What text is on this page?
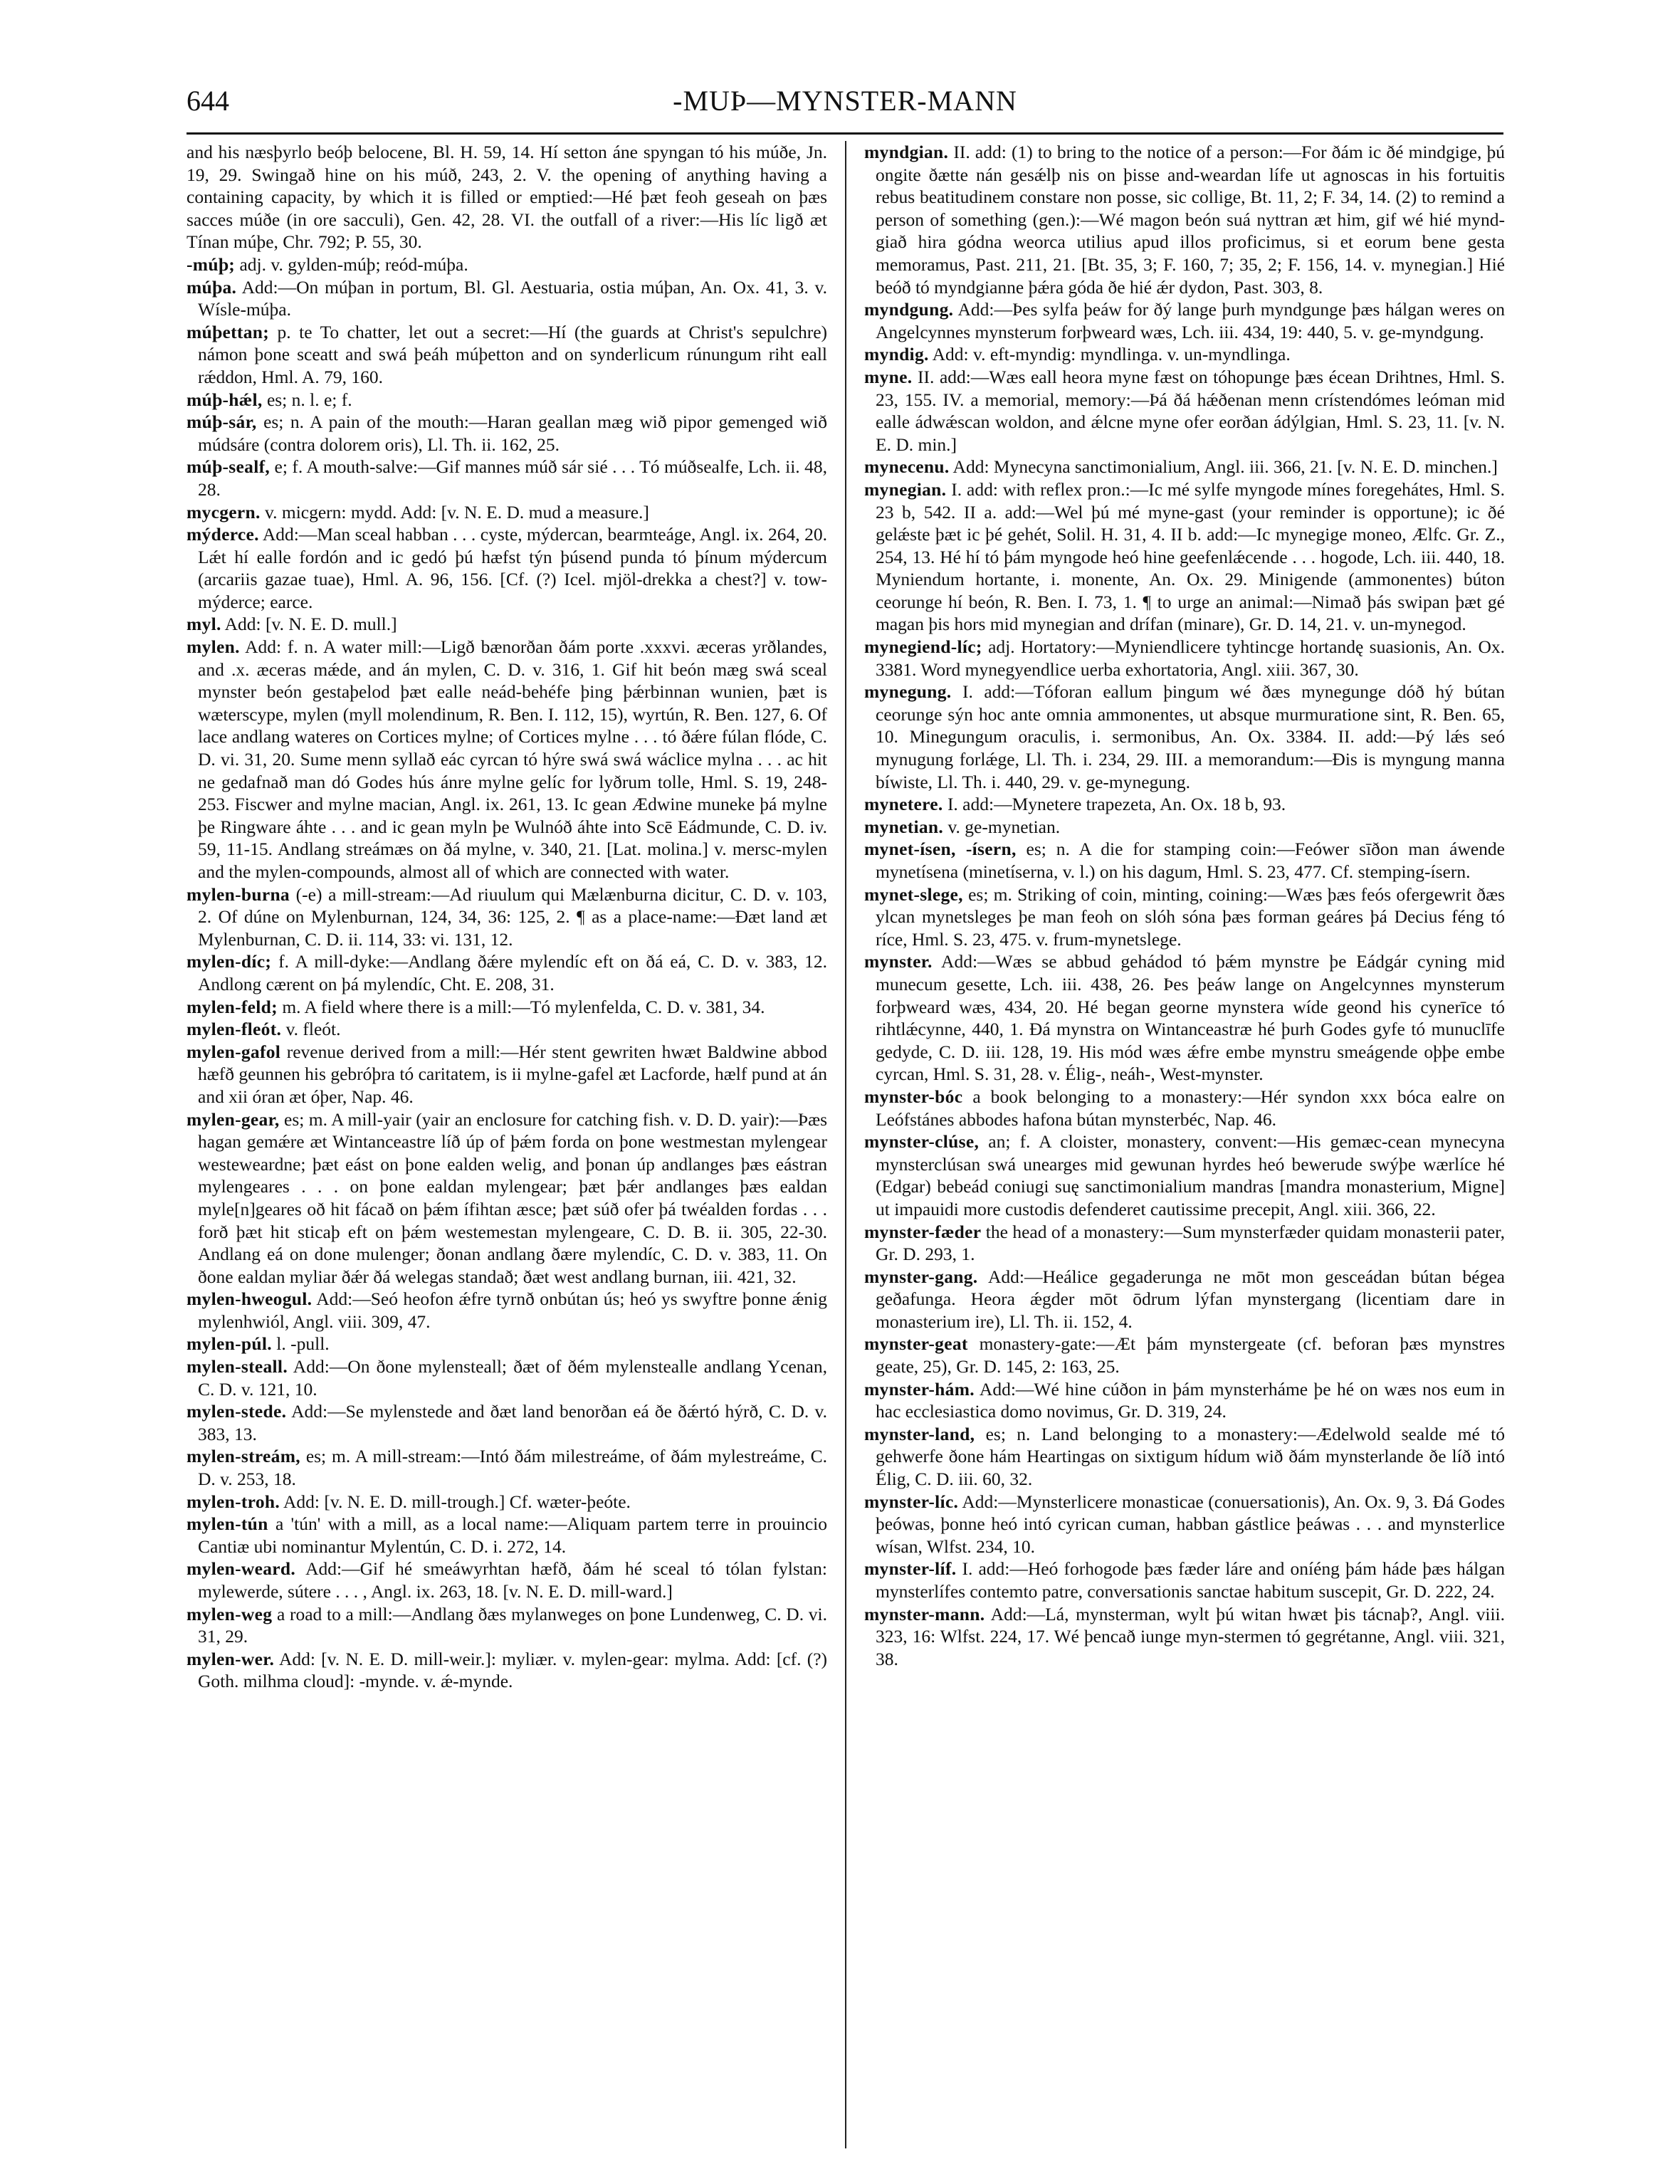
644	-MUÞ—MYNSTER-MANN

and his næsþyrlo beóþ belocene, Bl. H. 59, 14. Hí setton áne spyngan tó his múðe, Jn. 19, 29. Swingað hine on his múð, 243, 2. V. the opening of anything having a containing capacity, by which it is filled or emptied:—Hé þæt feoh geseah on þæs sacces múðe (in ore sacculi), Gen. 42, 28. VI. the outfall of a river:—His líc ligð æt Tínan múþe, Chr. 792; P. 55, 30.

-múþ; adj. v. gylden-múþ; reód-múþa.

múþa. Add:—On múþan in portum, Bl. Gl. Aestuaria, ostia múþan, An. Ox. 41, 3. v. Wísle-múþa.

múþettan; p. te To chatter, let out a secret:—Hí (the guards at Christ's sepulchre) námon þone sceatt and swá þeáh múþetton and on synderlicum rúnungum riht eall rǽddon, Hml. A. 79, 160.

múþ-hǽl, es; n. l. e; f.

múþ-sár, es; n. A pain of the mouth:—Haran geallan mæg wið pipor gemenged wið múdsáre (contra dolorem oris), Ll. Th. ii. 162, 25.

múþ-sealf, e; f. A mouth-salve:—Gif mannes múð sár sié . . . Tó múðsealfe, Lch. ii. 48, 28.

mycgern. v. micgern: mydd. Add: [v. N. E. D. mud a measure.]

mýderce. Add:—Man sceal habban . . . cyste, mýdercan, bearmteáge, Angl. ix. 264, 20. Lǽt hí ealle fordón and ic gedó þú hæfst týn þúsend punda tó þínum mýdercum (arcariis gazae tuae), Hml. A. 96, 156. [Cf. (?) Icel. mjöl-drekka a chest?] v. tow-mýderce; earce.

myl. Add: [v. N. E. D. mull.]

mylen. Add: f. n. A water mill:—Ligð bænorðan ðám porte .xxxvi. æceras yrðlandes, and .x. æceras mǽde, and án mylen, C. D. v. 316, 1. Gif hit beón mæg swá sceal mynster beón gestaþelod þæt ealle neád-behéfe þing þǽrbinnan wunien, þæt is wæterscype, mylen (myll molendinum, R. Ben. I. 112, 15), wyrtún, R. Ben. 127, 6. Of lace andlang wateres on Cortices mylne; of Cortices mylne . . . tó ðǽre fúlan flóde, C. D. vi. 31, 20. Sume menn syllað eác cyrcan tó hýre swá swá wáclice mylna . . . ac hit ne gedafnað man dó Godes hús ánre mylne gelíc for lyðrum tolle, Hml. S. 19, 248-253. Fiscwer and mylne macian, Angl. ix. 261, 13. Ic gean Ædwine muneke þá mylne þe Ringware áhte . . . and ic gean myln þe Wulnóð áhte into Scē Eádmunde, C. D. iv. 59, 11-15. Andlang streámæs on ðá mylne, v. 340, 21. [Lat. molina.] v. mersc-mylen and the mylen-compounds, almost all of which are connected with water.

mylen-burna (-e) a mill-stream:—Ad riuulum qui Mælænburna dicitur, C. D. v. 103, 2. Of dúne on Mylenburnan, 124, 34, 36: 125, 2. ¶ as a place-name:—Ðæt land æt Mylenburnan, C. D. ii. 114, 33: vi. 131, 12.

mylen-díc; f. A mill-dyke:—Andlang ðǽre mylendíc eft on ðá eá, C. D. v. 383, 12. Andlong cærent on þá mylendíc, Cht. E. 208, 31.

mylen-feld; m. A field where there is a mill:—Tó mylenfelda, C. D. v. 381, 34.

mylen-fleót. v. fleót.

mylen-gafol revenue derived from a mill:—Hér stent gewriten hwæt Baldwine abbod hæfð geunnen his gebróþra tó caritatem, is ii mylne-gafel æt Lacforde, hælf pund at án and xii óran æt óþer, Nap. 46.

mylen-gear, es; m. A mill-yair (yair an enclosure for catching fish. v. D. D. yair):—Þæs hagan gemǽre æt Wintanceastre líð úp of þǽm forda on þone westmestan mylengear westeweardne; þæt eást on þone ealden welig, and þonan úp andlanges þæs eástran mylengeares . . . on þone ealdan mylengear; þæt þǽr andlanges þæs ealdan myle[n]geares oð hit fácað on þǽm ífihtan æsce; þæt súð ofer þá twéalden fordas . . . forð þæt hit sticaþ eft on þǽm westemestan mylengeare, C. D. B. ii. 305, 22-30. Andlang eá on done mulenger; ðonan andlang ðære mylendíc, C. D. v. 383, 11. On ðone ealdan myliar ðǽr ðá welegas standað; ðæt west andlang burnan, iii. 421, 32.

mylen-hweogul. Add:—Seó heofon ǽfre tyrnð onbútan ús; heó ys swyftre þonne ǽnig mylenhwiól, Angl. viii. 309, 47.

mylen-púl. l. -pull.

mylen-steall. Add:—On ðone mylensteall; ðæt of ðém mylenstealle andlang Ycenan, C. D. v. 121, 10.

mylen-stede. Add:—Se mylenstede and ðæt land benorðan eá ðe ðǽrtó hýrð, C. D. v. 383, 13.

mylen-streám, es; m. A mill-stream:—Intó ðám milestreáme, of ðám mylestreáme, C. D. v. 253, 18.

mylen-troh. Add: [v. N. E. D. mill-trough.] Cf. wæter-þeóte.

mylen-tún a 'tún' with a mill, as a local name:—Aliquam partem terre in prouincio Cantiæ ubi nominantur Mylentún, C. D. i. 272, 14.

mylen-weard. Add:—Gif hé smeáwyrhtan hæfð, ðám hé sceal tó tólan fylstan: mylewerde, sútere . . . , Angl. ix. 263, 18. [v. N. E. D. mill-ward.]

mylen-weg a road to a mill:—Andlang ðæs mylanweges on þone Lundenweg, C. D. vi. 31, 29.

mylen-wer. Add: [v. N. E. D. mill-weir.]: myliær. v. mylen-gear: mylma. Add: [cf. (?) Goth. milhma cloud]: -mynde. v. ǽ-mynde.

myndgian. II. add: (1) to bring to the notice of a person:—For ðám ic ðé mindgige, þú ongite ðætte nán gesǽlþ nis on þisse and-weardan lífe ut agnoscas in his fortuitis rebus beatitudinem constare non posse, sic collige, Bt. 11, 2; F. 34, 14. (2) to remind a person of something (gen.):—Wé magon beón suá nyttran æt him, gif wé hié mynd-giað hira gódna weorca utilius apud illos proficimus, si et eorum bene gesta memoramus, Past. 211, 21. [Bt. 35, 3; F. 160, 7; 35, 2; F. 156, 14. v. mynegian.] Hié beóð tó myndgianne þǽra góda ðe hié ǽr dydon, Past. 303, 8.

myndgung. Add:—Þes sylfa þeáw for ðý lange þurh myndgunge þæs hálgan weres on Angelcynnes mynsterum forþweard wæs, Lch. iii. 434, 19: 440, 5. v. ge-myndgung.

myndig. Add: v. eft-myndig: myndlinga. v. un-myndlinga.

myne. II. add:—Wæs eall heora myne fæst on tóhopunge þæs écean Drihtnes, Hml. S. 23, 155. IV. a memorial, memory:—Þá ðá hǽðenan menn crístendómes leóman mid ealle ádwǽscan woldon, and ǽlcne myne ofer eorðan ádýlgian, Hml. S. 23, 11. [v. N. E. D. min.]

mynecenu. Add: Mynecyna sanctimonialium, Angl. iii. 366, 21. [v. N. E. D. minchen.]

mynegian. I. add: with reflex pron.:—Ic mé sylfe myngode mínes foregehátes, Hml. S. 23 b, 542. II a. add:—Wel þú mé myne-gast (your reminder is opportune); ic ðé gelǽste þæt ic þé gehét, Solil. H. 31, 4. II b. add:—Ic mynegige moneo, Ælfc. Gr. Z., 254, 13. Hé hí tó þám myngode heó hine geefenlǽcende . . . hogode, Lch. iii. 440, 18. Myniendum hortante, i. monente, An. Ox. 29. Minigende (ammonentes) búton ceorunge hí beón, R. Ben. I. 73, 1. ¶ to urge an animal:—Nimað þás swipan þæt gé magan þis hors mid mynegian and drífan (minare), Gr. D. 14, 21. v. un-mynegod.

mynegiend-líc; adj. Hortatory:—Myniendlicere tyhtincge hortandę suasionis, An. Ox. 3381. Word mynegyendlice uerba exhortatoria, Angl. xiii. 367, 30.

mynegung. I. add:—Tóforan eallum þingum wé ðæs mynegunge dóð hý bútan ceorunge sýn hoc ante omnia ammonentes, ut absque murmuratione sint, R. Ben. 65, 10. Minegungum oraculis, i. sermonibus, An. Ox. 3384. II. add:—Þý lǽs seó mynugung forlǽge, Ll. Th. i. 234, 29. III. a memorandum:—Ðis is myngung manna bíwiste, Ll. Th. i. 440, 29. v. ge-mynegung.

mynetere. I. add:—Mynetere trapezeta, An. Ox. 18 b, 93.

mynetian. v. ge-mynetian.

mynet-ísen, -ísern, es; n. A die for stamping coin:—Feówer sīðon man áwende mynetísena (minetíserna, v. l.) on his dagum, Hml. S. 23, 477. Cf. stemping-ísern.

mynet-slege, es; m. Striking of coin, minting, coining:—Wæs þæs feós ofergewrit ðæs ylcan mynetsleges þe man feoh on slóh sóna þæs forman geáres þá Decius féng tó ríce, Hml. S. 23, 475. v. frum-mynetslege.

mynster. Add:—Wæs se abbud gehádod tó þǽm mynstre þe Eádgár cyning mid munecum gesette, Lch. iii. 438, 26. Þes þeáw lange on Angelcynnes mynsterum forþweard wæs, 434, 20. Hé began georne mynstera wíde geond his cynerīce tó rihtlǽcynne, 440, 1. Ðá mynstra on Wintanceastræ hé þurh Godes gyfe tó munuclīfe gedyde, C. D. iii. 128, 19. His mód wæs ǽfre embe mynstru smeágende oþþe embe cyrcan, Hml. S. 31, 28. v. Élig-, neáh-, West-mynster.

mynster-bóc a book belonging to a monastery:—Hér syndon xxx bóca ealre on Leófstánes abbodes hafona bútan mynsterbéc, Nap. 46.

mynster-clúse, an; f. A cloister, monastery, convent:—His gemæc-cean mynecyna mynsterclúsan swá unearges mid gewunan hyrdes heó bewerude swýþe wærlíce hé (Edgar) bebeád coniugi suę sanctimonialium mandras [mandra monasterium, Migne] ut impauidi more custodis defenderet cautissime precepit, Angl. xiii. 366, 22.

mynster-fæder the head of a monastery:—Sum mynsterfæder quidam monasterii pater, Gr. D. 293, 1.

mynster-gang. Add:—Heálice gegaderunga ne mōt mon gesceádan bútan bégea geðafunga. Heora ǽgder mōt ōdrum lýfan mynstergang (licentiam dare in monasterium ire), Ll. Th. ii. 152, 4.

mynster-geat monastery-gate:—Æt þám mynstergeate (cf. beforan þæs mynstres geate, 25), Gr. D. 145, 2: 163, 25.

mynster-hám. Add:—Wé hine cúðon in þám mynsterháme þe hé on wæs nos eum in hac ecclesiastica domo novimus, Gr. D. 319, 24.

mynster-land, es; n. Land belonging to a monastery:—Ædelwold sealde mé tó gehwerfe ðone hám Heartingas on sixtigum hídum wið ðám mynsterlande ðe líð intó Élig, C. D. iii. 60, 32.

mynster-líc. Add:—Mynsterlicere monasticae (conuersationis), An. Ox. 9, 3. Ðá Godes þeówas, þonne heó intó cyrican cuman, habban gástlice þeáwas . . . and mynsterlice wísan, Wlfst. 234, 10.

mynster-líf. I. add:—Heó forhogode þæs fæder láre and oníéng þám háde þæs hálgan mynsterlífes contemto patre, conversationis sanctae habitum suscepit, Gr. D. 222, 24.

mynster-mann. Add:—Lá, mynsterman, wylt þú witan hwæt þis tácnaþ?, Angl. viii. 323, 16: Wlfst. 224, 17. Wé þencað iunge myn-stermen tó gegrétanne, Angl. viii. 321, 38.
